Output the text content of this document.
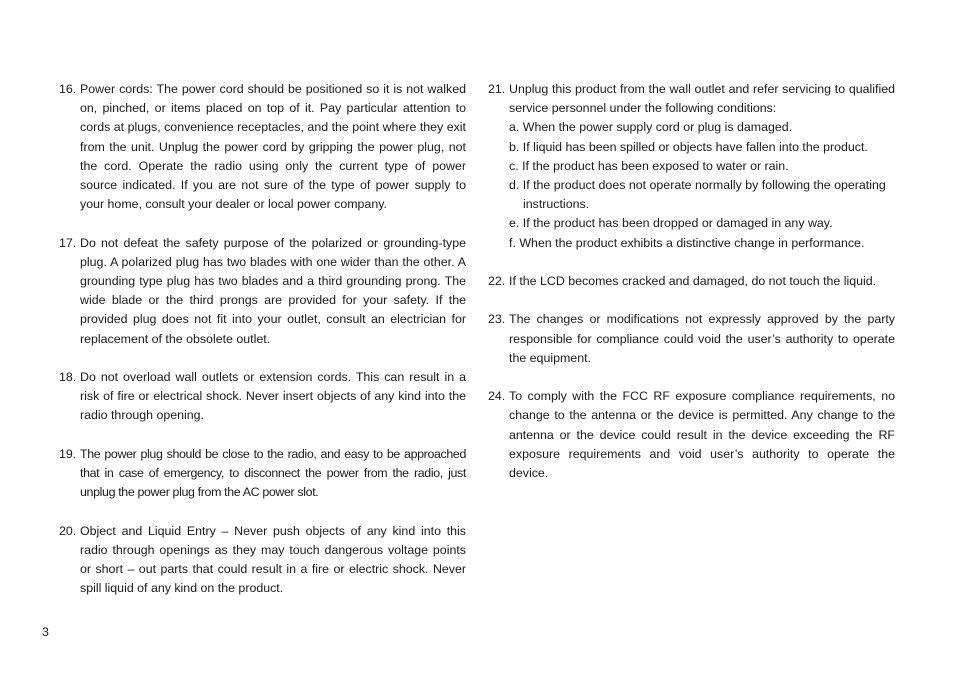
16. Power cords: The power cord should be positioned so it is not walked on, pinched, or items placed on top of it. Pay particular attention to cords at plugs, convenience receptacles, and the point where they exit from the unit. Unplug the power cord by gripping the power plug, not the cord. Operate the radio using only the current type of power source indicated. If you are not sure of the type of power supply to your home, consult your dealer or local power company.
17. Do not defeat the safety purpose of the polarized or grounding-type plug. A polarized plug has two blades with one wider than the other. A grounding type plug has two blades and a third grounding prong. The wide blade or the third prongs are provided for your safety. If the provided plug does not fit into your outlet, consult an electrician for replacement of the obsolete outlet.
18. Do not overload wall outlets or extension cords. This can result in a risk of fire or electrical shock. Never insert objects of any kind into the radio through opening.
19. The power plug should be close to the radio, and easy to be approached that in case of emergency, to disconnect the power from the radio, just unplug the power plug from the AC power slot.
20. Object and Liquid Entry – Never push objects of any kind into this radio through openings as they may touch dangerous voltage points or short – out parts that could result in a fire or electric shock. Never spill liquid of any kind on the product.
21. Unplug this product from the wall outlet and refer servicing to qualified service personnel under the following conditions:
a. When the power supply cord or plug is damaged.
b. If liquid has been spilled or objects have fallen into the product.
c. If the product has been exposed to water or rain.
d. If the product does not operate normally by following the operating instructions.
e. If the product has been dropped or damaged in any way.
f. When the product exhibits a distinctive change in performance.
22. If the LCD becomes cracked and damaged, do not touch the liquid.
23. The changes or modifications not expressly approved by the party responsible for compliance could void the user’s authority to operate the equipment.
24. To comply with the FCC RF exposure compliance requirements, no change to the antenna or the device is permitted. Any change to the antenna or the device could result in the device exceeding the RF exposure requirements and void user’s authority to operate the device.
3
